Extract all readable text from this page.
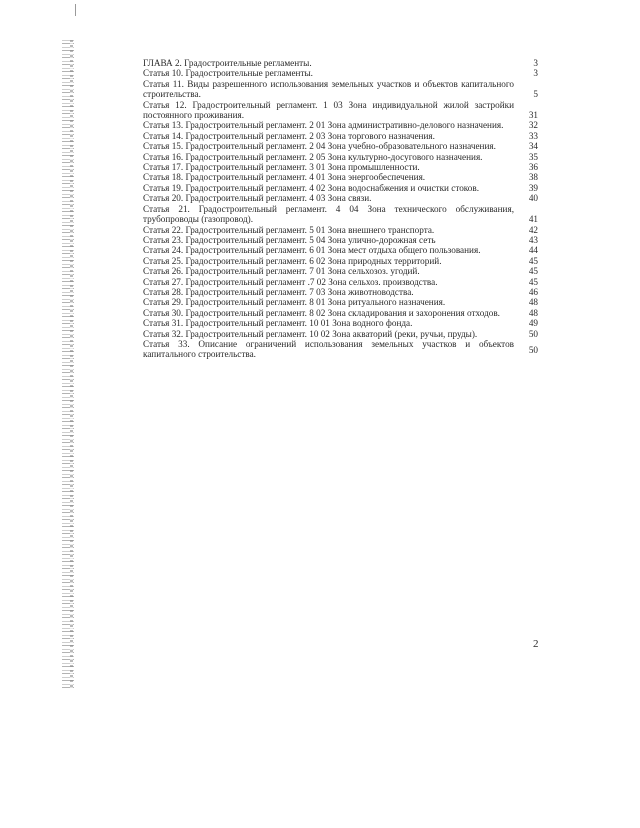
ГЛАВА 2. Градостроительные регламенты.	3
Статья 10. Градостроительные регламенты.	3
Статья 11. Виды разрешенного использования земельных участков и объектов капитального строительства.	5
Статья 12. Градостроительный регламент. 1 03 Зона индивидуальной жилой застройки постоянного проживания.	31
Статья 13. Градостроительный регламент. 2 01 Зона административно-делового назначения.	32
Статья 14. Градостроительный регламент. 2 03 Зона торгового назначения.	33
Статья 15. Градостроительный регламент. 2 04 Зона учебно-образовательного назначения.	34
Статья 16. Градостроительный регламент. 2 05 Зона культурно-досугового назначения.	35
Статья 17. Градостроительный регламент. 3 01 Зона промышленности.	36
Статья 18. Градостроительный регламент. 4 01 Зона энергообеспечения.	38
Статья 19. Градостроительный регламент. 4 02 Зона водоснабжения и очистки стоков.	39
Статья 20. Градостроительный регламент. 4 03 Зона связи.	40
Статья 21. Градостроительный регламент. 4 04 Зона технического обслуживания, трубопроводы (газопровод).	41
Статья 22. Градостроительный регламент. 5 01 Зона внешнего транспорта.	42
Статья 23. Градостроительный регламент. 5 04 Зона улично-дорожная сеть	43
Статья 24. Градостроительный регламент. 6 01 Зона мест отдыха общего пользования.	44
Статья 25. Градостроительный регламент. 6 02 Зона природных территорий.	45
Статья 26. Градостроительный регламент. 7 01 Зона сельхозоз. угодий.	45
Статья 27. Градостроительный регламент .7 02 Зона сельхоз. производства.	45
Статья 28. Градостроительный регламент. 7 03 Зона животноводства.	46
Статья 29. Градостроительный регламент. 8 01 Зона ритуального назначения.	48
Статья 30. Градостроительный регламент. 8 02 Зона складирования и захоронения отходов.	48
Статья 31. Градостроительный регламент. 10 01 Зона водного фонда.	49
Статья 32. Градостроительный регламент. 10 02 Зона акваторий (реки, ручьи, пруды).	50
Статья 33. Описание ограничений использования земельных участков и объектов капитального строительства.	50
2
